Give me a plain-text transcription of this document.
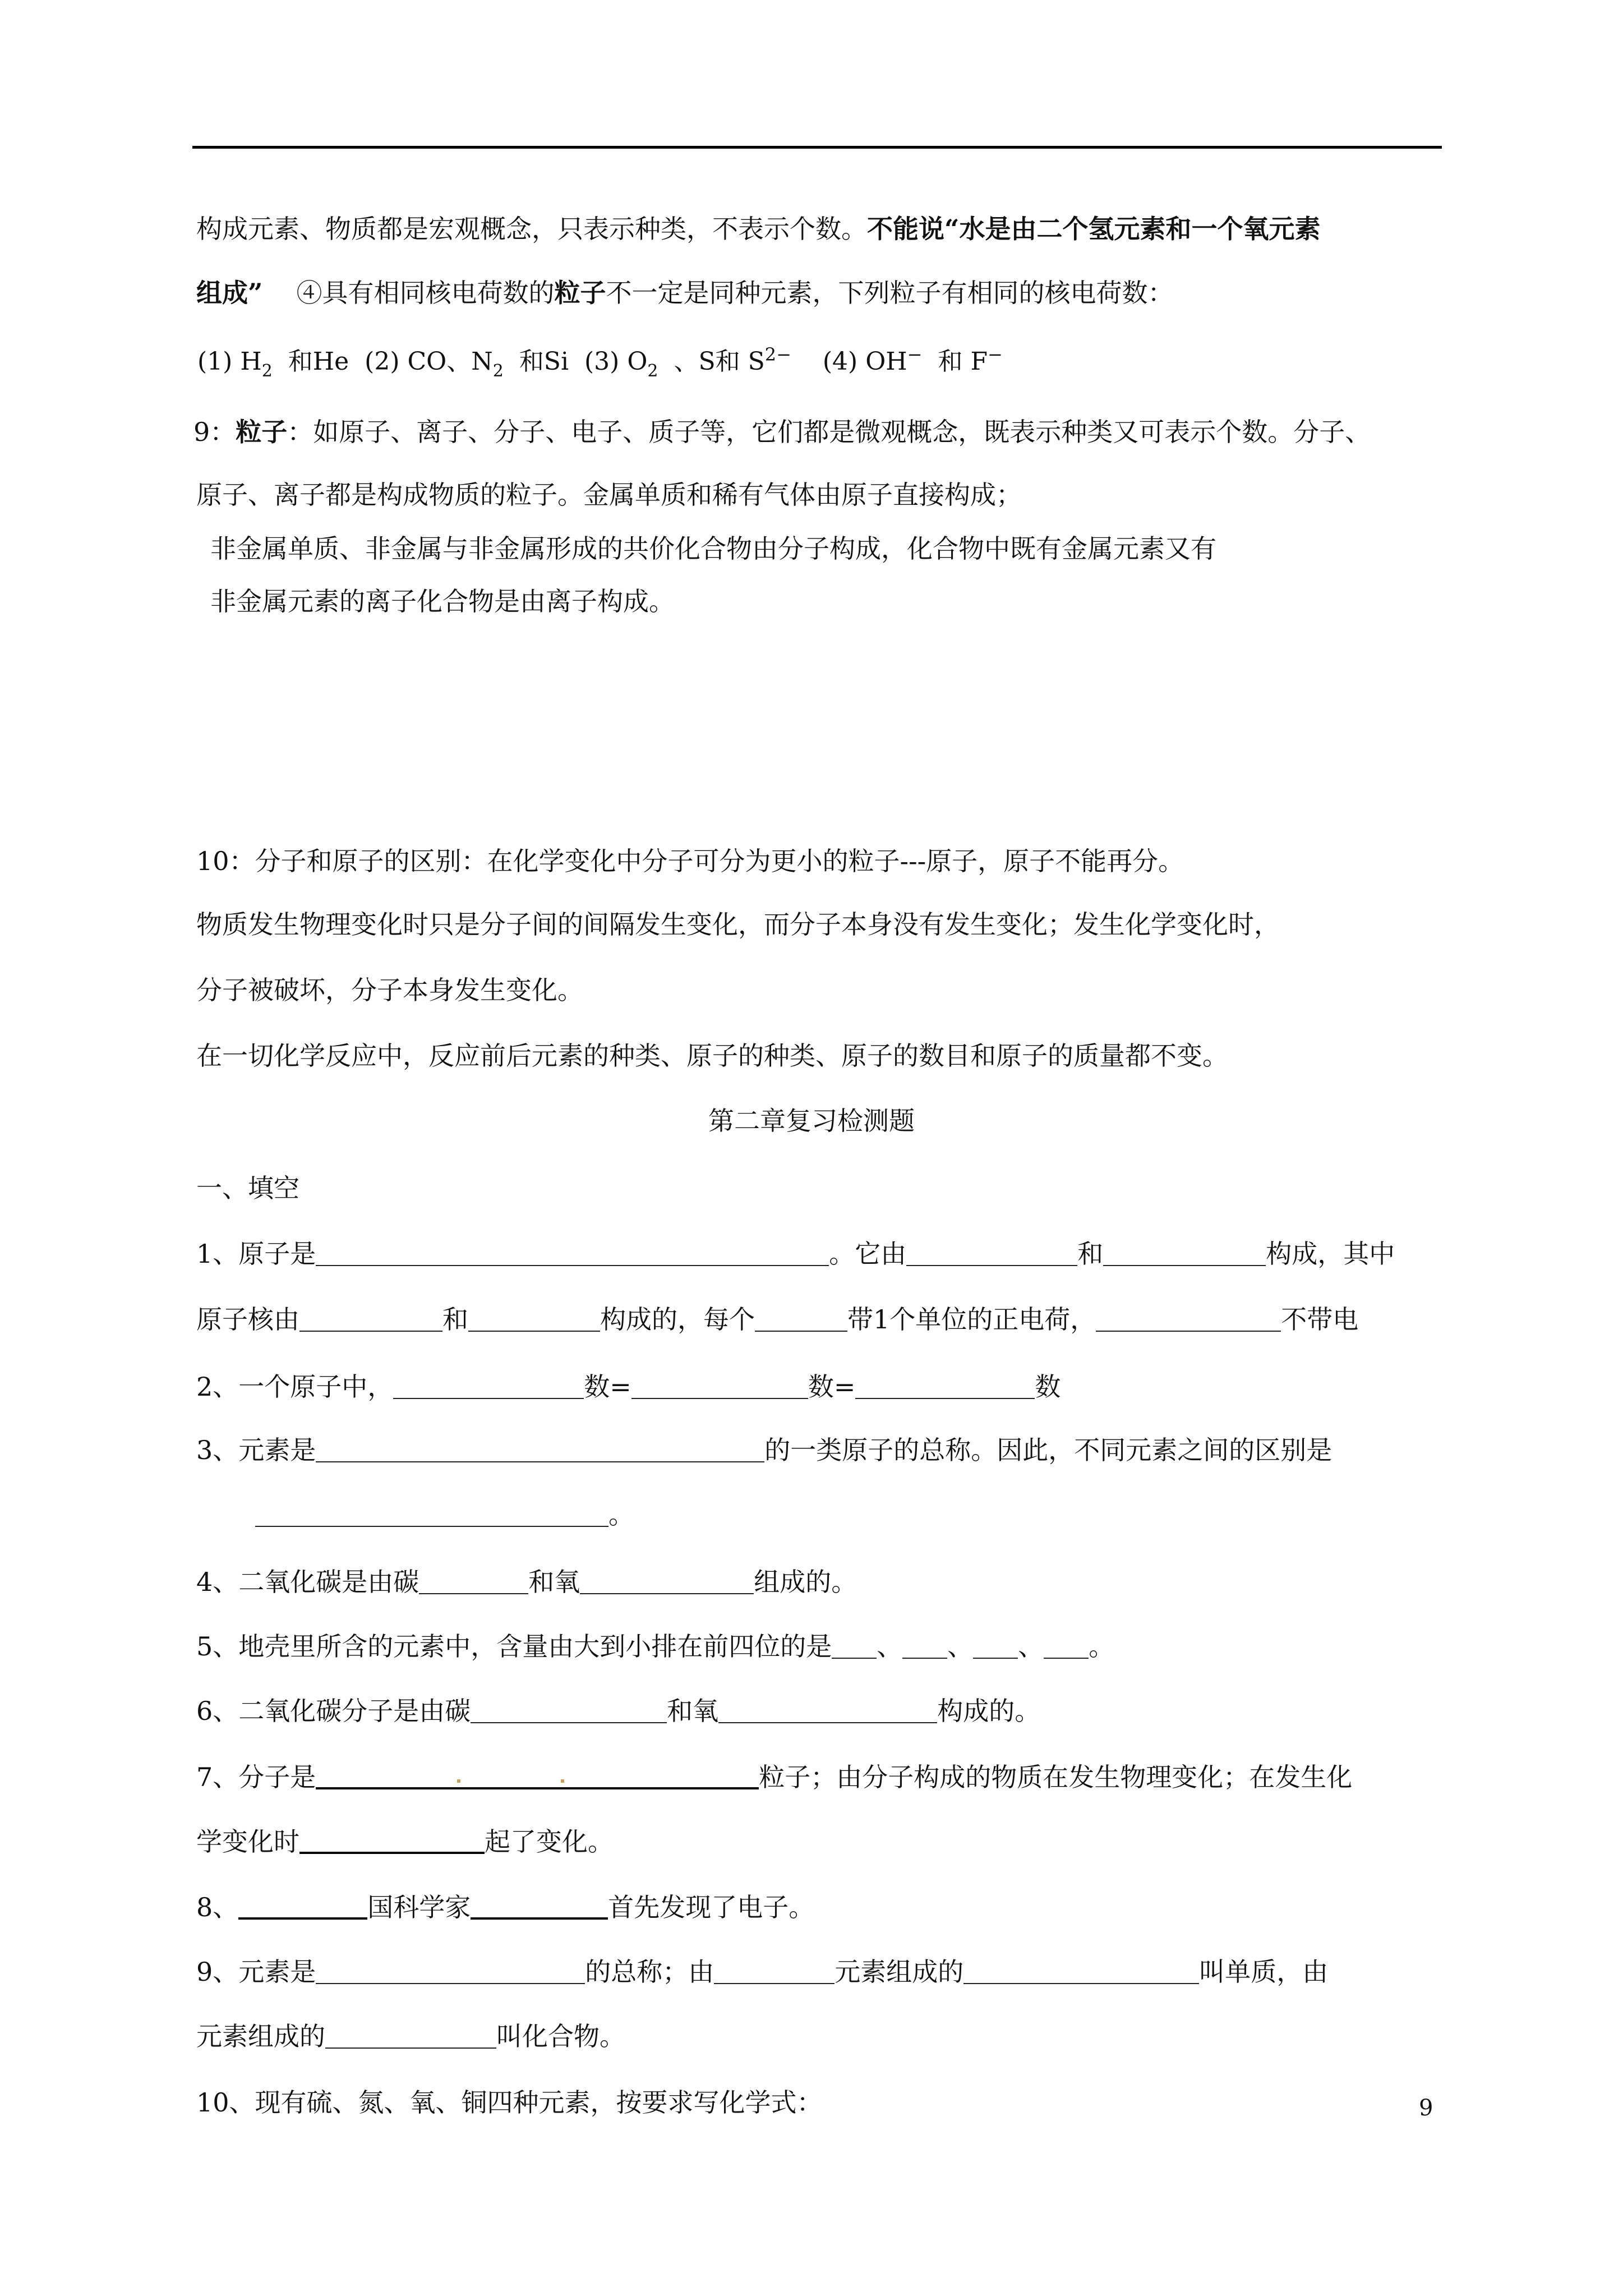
构成元素、物质都是宏观概念，只表示种类，不表示个数。不能说“水是由二个氢元素和一个氧元素
组成” ④具有相同核电荷数的粒子不一定是同种元素，下列粒子有相同的核电荷数：
(1) $H_2$ 和He (2) CO、$N_2$ 和Si (3) $O_2$ 、S和 $S^{2-}$ (4) OH− 和 F−
9：粒子：如原子、离子、分子、电子、质子等，它们都是微观概念，既表示种类又可表示个数。分子、
原子、离子都是构成物质的粒子。金属单质和稀有气体由原子直接构成；
非金属单质、非金属与非金属形成的共价化合物由分子构成，化合物中既有金属元素又有
非金属元素的离子化合物是由离子构成。
10：分子和原子的区别：在化学变化中分子可分为更小的粒子---原子，原子不能再分。
物质发生物理变化时只是分子间的间隔发生变化，而分子本身没有发生变化；发生化学变化时，
分子被破坏，分子本身发生变化。
在一切化学反应中，反应前后元素的种类、原子的种类、原子的数目和原子的质量都不变。
第二章复习检测题
一、填空
1、原子是	。它由	和	构成，其中
原子核由	和	构成的，每个	带1个单位的正电荷，	不带电
2、一个原子中，	数=	数=	数
3、元素是	的一类原子的总称。因此，不同元素之间的区别是
。
4、二氧化碳是由碳	和氧	组成的。
5、地壳里所含的元素中，含量由大到小排在前四位的是 、 、 、 。
6、二氧化碳分子是由碳	和氧	构成的。
7、分子是	粒子；由分子构成的物质在发生物理变化；在发生化
学变化时	起了变化。
8、	国科学家	首先发现了电子。
9、元素是	的总称；由	元素组成的	叫单质，由
元素组成的	叫化合物。
10、现有硫、氮、氧、铜四种元素，按要求写化学式：	9
